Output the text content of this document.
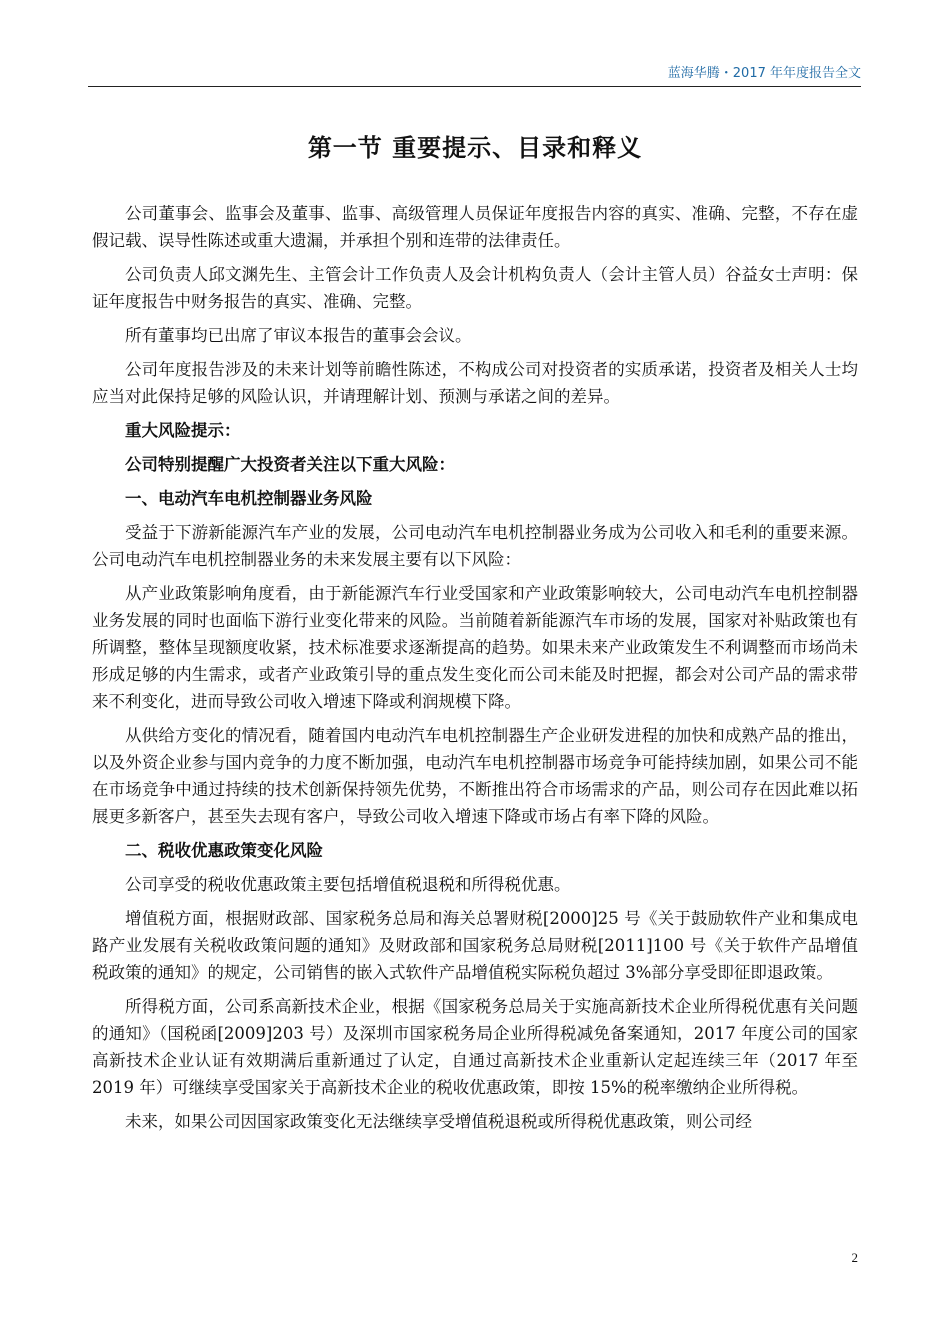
蓝海华腾・2017 年年度报告全文
第一节 重要提示、目录和释义

公司董事会、监事会及董事、监事、高级管理人员保证年度报告内容的真实、准确、完整，不存在虚假记载、误导性陈述或重大遗漏，并承担个别和连带的法律责任。

公司负责人邱文渊先生、主管会计工作负责人及会计机构负责人（会计主管人员）谷益女士声明：保证年度报告中财务报告的真实、准确、完整。

所有董事均已出席了审议本报告的董事会会议。

公司年度报告涉及的未来计划等前瞻性陈述，不构成公司对投资者的实质承诺，投资者及相关人士均应当对此保持足够的风险认识，并请理解计划、预测与承诺之间的差异。

重大风险提示：

公司特别提醒广大投资者关注以下重大风险：

一、电动汽车电机控制器业务风险

受益于下游新能源汽车产业的发展，公司电动汽车电机控制器业务成为公司收入和毛利的重要来源。公司电动汽车电机控制器业务的未来发展主要有以下风险：

从产业政策影响角度看，由于新能源汽车行业受国家和产业政策影响较大，公司电动汽车电机控制器业务发展的同时也面临下游行业变化带来的风险。当前随着新能源汽车市场的发展，国家对补贴政策也有所调整，整体呈现额度收紧，技术标准要求逐渐提高的趋势。如果未来产业政策发生不利调整而市场尚未形成足够的内生需求，或者产业政策引导的重点发生变化而公司未能及时把握，都会对公司产品的需求带来不利变化，进而导致公司收入增速下降或利润规模下降。

从供给方变化的情况看，随着国内电动汽车电机控制器生产企业研发进程的加快和成熟产品的推出，以及外资企业参与国内竞争的力度不断加强，电动汽车电机控制器市场竞争可能持续加剧，如果公司不能在市场竞争中通过持续的技术创新保持领先优势，不断推出符合市场需求的产品，则公司存在因此难以拓展更多新客户，甚至失去现有客户，导致公司收入增速下降或市场占有率下降的风险。

二、税收优惠政策变化风险

公司享受的税收优惠政策主要包括增值税退税和所得税优惠。

增值税方面，根据财政部、国家税务总局和海关总署财税[2000]25 号《关于鼓励软件产业和集成电路产业发展有关税收政策问题的通知》及财政部和国家税务总局财税[2011]100 号《关于软件产品增值税政策的通知》的规定，公司销售的嵌入式软件产品增值税实际税负超过 3%部分享受即征即退政策。

所得税方面，公司系高新技术企业，根据《国家税务总局关于实施高新技术企业所得税优惠有关问题的通知》（国税函[2009]203 号）及深圳市国家税务局企业所得税减免备案通知，2017 年度公司的国家高新技术企业认证有效期满后重新通过了认定，自通过高新技术企业重新认定起连续三年（2017 年至 2019 年）可继续享受国家关于高新技术企业的税收优惠政策，即按 15%的税率缴纳企业所得税。

未来，如果公司因国家政策变化无法继续享受增值税退税或所得税优惠政策，则公司经

2
